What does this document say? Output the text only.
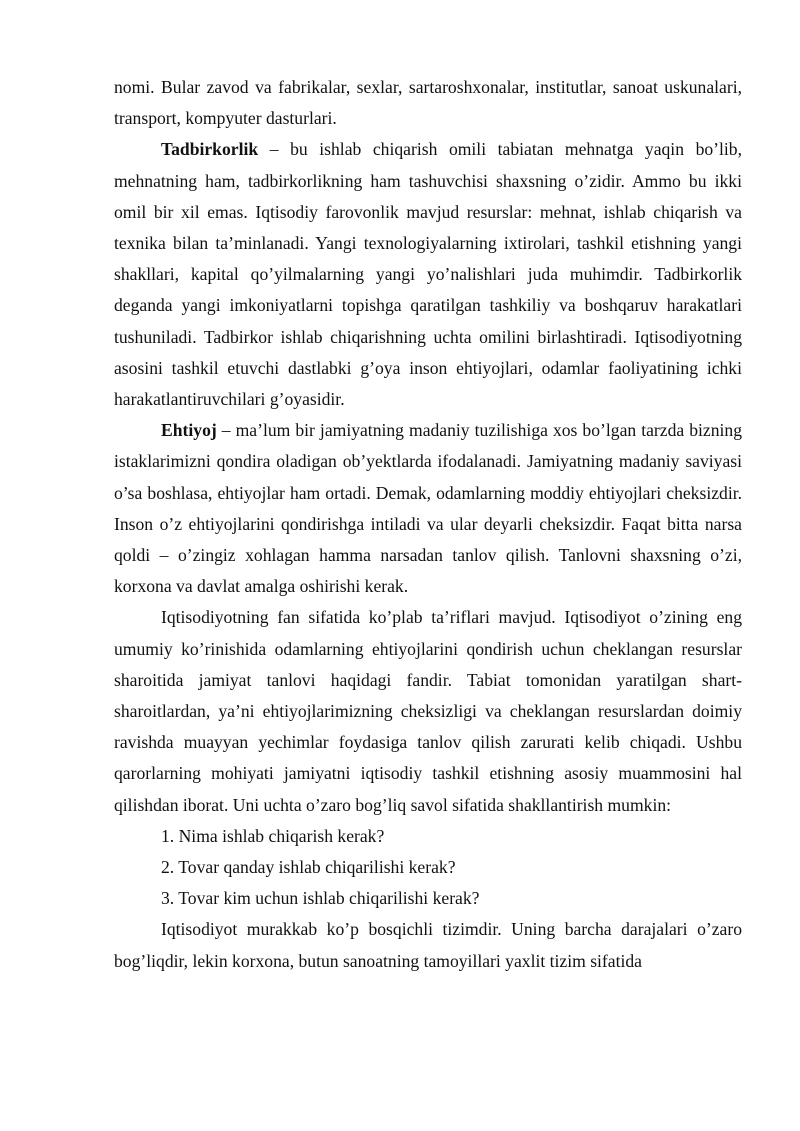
nomi. Bular zavod va fabrikalar, sexlar, sartaroshxonalar, institutlar, sanoat uskunalari, transport, kompyuter dasturlari.

Tadbirkorlik – bu ishlab chiqarish omili tabiatan mehnatga yaqin bo’lib, mehnatning ham, tadbirkorlikning ham tashuvchisi shaxsning o’zidir. Ammo bu ikki omil bir xil emas. Iqtisodiy farovonlik mavjud resurslar: mehnat, ishlab chiqarish va texnika bilan ta’minlanadi. Yangi texnologiyalarning ixtirolari, tashkil etishning yangi shakllari, kapital qo’yilmalarning yangi yo’nalishlari juda muhimdir. Tadbirkorlik deganda yangi imkoniyatlarni topishga qaratilgan tashkiliy va boshqaruv harakatlari tushuniladi. Tadbirkor ishlab chiqarishning uchta omilini birlashtiradi. Iqtisodiyotning asosini tashkil etuvchi dastlabki g’oya inson ehtiyojlari, odamlar faoliyatining ichki harakatlantiruvchilari g’oyasidir.

Ehtiyoj – ma’lum bir jamiyatning madaniy tuzilishiga xos bo’lgan tarzda bizning istaklarimizni qondira oladigan ob’yektlarda ifodalanadi. Jamiyatning madaniy saviyasi o’sa boshlasa, ehtiyojlar ham ortadi. Demak, odamlarning moddiy ehtiyojlari cheksizdir. Inson o’z ehtiyojlarini qondirishga intiladi va ular deyarli cheksizdir. Faqat bitta narsa qoldi – o’zingiz xohlagan hamma narsadan tanlov qilish. Tanlovni shaxsning o’zi, korxona va davlat amalga oshirishi kerak.

Iqtisodiyotning fan sifatida ko’plab ta’riflari mavjud. Iqtisodiyot o’zining eng umumiy ko’rinishida odamlarning ehtiyojlarini qondirish uchun cheklangan resurslar sharoitida jamiyat tanlovi haqidagi fandir. Tabiat tomonidan yaratilgan shart-sharoitlardan, ya’ni ehtiyojlarimizning cheksizligi va cheklangan resurslardan doimiy ravishda muayyan yechimlar foydasiga tanlov qilish zarurati kelib chiqadi. Ushbu qarorlarning mohiyati jamiyatni iqtisodiy tashkil etishning asosiy muammosini hal qilishdan iborat. Uni uchta o’zaro bog’liq savol sifatida shakllantirish mumkin:

1. Nima ishlab chiqarish kerak?

2. Tovar qanday ishlab chiqarilishi kerak?

3. Tovar kim uchun ishlab chiqarilishi kerak?

Iqtisodiyot murakkab ko’p bosqichli tizimdir. Uning barcha darajalari o’zaro bog’liqdir, lekin korxona, butun sanoatning tamoyillari yaxlit tizim sifatida
